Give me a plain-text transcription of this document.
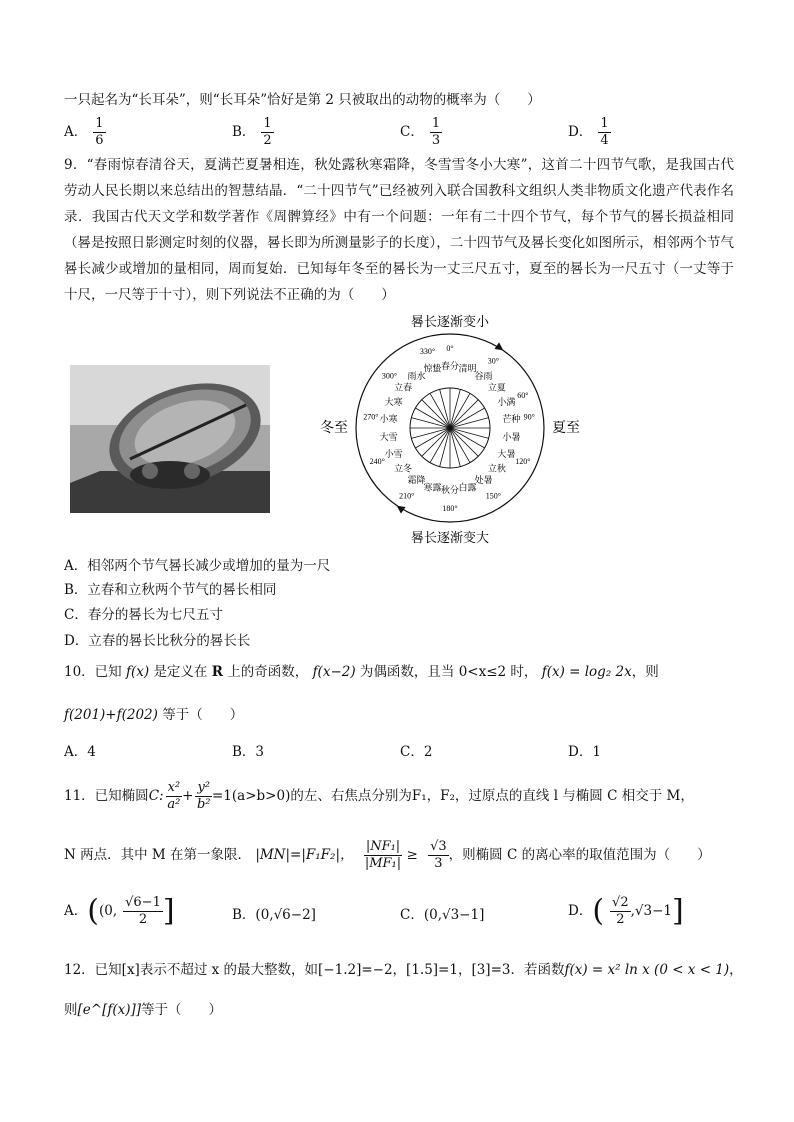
一只起名为“长耳朵”，则“长耳朵”恰好是第 2 只被取出的动物的概率为（　　）
A． $\frac{1}{6}$	B． $\frac{1}{2}$	C． $\frac{1}{3}$	D． $\frac{1}{4}$
9．“春雨惊春清谷天，夏满芒夏暑相连，秋处露秋寒霜降，冬雪雪冬小大寒”，这首二十四节气歌，是我国古代劳动人民长期以来总结出的智慧结晶．“二十四节气”已经被列入联合国教科文组织人类非物质文化遗产代表作名录．我国古代天文学和数学著作《周髀算经》中有一个问题：一年有二十四个节气，每个节气的晷长损益相同（晷是按照日影测定时刻的仪器，晷长即为所测量影子的长度），二十四节气及晷长变化如图所示，相邻两个节气晷长减少或增加的量相同，周而复始．已知每年冬至的晷长为一丈三尺五寸，夏至的晷长为一尺五寸（一丈等于十尺，一尺等于十寸），则下列说法不正确的为（　　）
晷长逐渐变小
晷长逐渐变大
冬至	夏至
春分
0°
清明
谷雨
30°
立夏
小满
60°
芒种 90°
小暑
大暑
120°
立秋
处暑
150°
白露
秋分
180°
寒露
霜降
210°
立冬
小雪
240°
大雪
小寒
270°
大寒
立春
300° 雨水
惊蛰
330°
A．相邻两个节气晷长减少或增加的量为一尺
B．立春和立秋两个节气的晷长相同
C．春分的晷长为七尺五寸
D．立春的晷长比秋分的晷长长
10．已知 f(x) 是定义在 R 上的奇函数， f(x−2) 为偶函数，且当 0<x≤2 时， f(x) = log₂ 2x，则
f(201)+f(202) 等于（　　）
A．4	B．3	C．2	D．1
11．已知椭圆C: $\frac{\text{x²}}{\text{a²}} + \frac{\text{y²}}{\text{b²}} =1(a>b>0)$的左、右焦点分别为F₁，F₂，过原点的直线 l 与椭圆 C 相交于 M，
N 两点．其中 M 在第一象限． |MN|=|F₁F₂|， $\frac{\text{|NF₁|}}{\text{|MF₁|}} \ge \frac{√3}{3}$ ，则椭圆 C 的离心率的取值范围为（　　）
A．((0, $\frac{√6-1}{2}$ ]	B．(0,√6−2]	C．(0,√3−1]	D．( $\frac{√2}{2} ,√3-1$]
12．已知[x]表示不超过 x 的最大整数，如[−1.2]=−2，[1.5]=1，[3]=3．若函数f(x) = x² ln x (0 < x < 1)，
则[e^[f(x)]]等于（　　）
